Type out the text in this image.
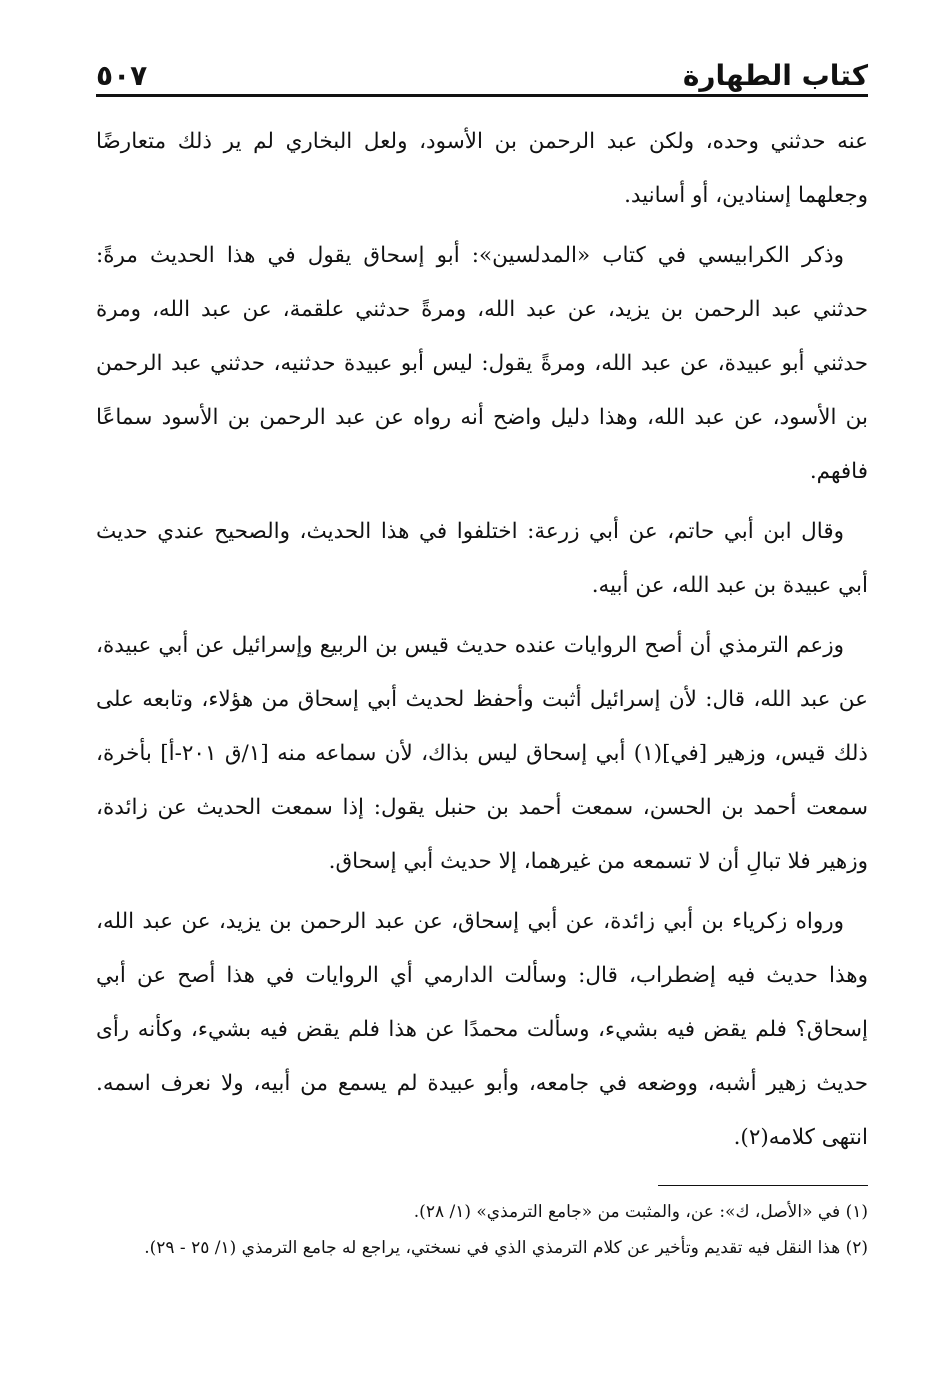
كتاب الطهارة
٥٠٧

عنه حدثني وحده، ولكن عبد الرحمن بن الأسود، ولعل البخاري لم ير ذلك متعارضًا وجعلهما إسنادين، أو أسانيد.

وذكر الكرابيسي في كتاب «المدلسين»: أبو إسحاق يقول في هذا الحديث مرةً: حدثني عبد الرحمن بن يزيد، عن عبد الله، ومرةً حدثني علقمة، عن عبد الله، ومرة حدثني أبو عبيدة، عن عبد الله، ومرةً يقول: ليس أبو عبيدة حدثنيه، حدثني عبد الرحمن بن الأسود، عن عبد الله، وهذا دليل واضح أنه رواه عن عبد الرحمن بن الأسود سماعًا فافهم.

وقال ابن أبي حاتم، عن أبي زرعة: اختلفوا في هذا الحديث، والصحيح عندي حديث أبي عبيدة بن عبد الله، عن أبيه.

وزعم الترمذي أن أصح الروايات عنده حديث قيس بن الربيع وإسرائيل عن أبي عبيدة، عن عبد الله، قال: لأن إسرائيل أثبت وأحفظ لحديث أبي إسحاق من هؤلاء، وتابعه على ذلك قيس، وزهير [في](١) أبي إسحاق ليس بذاك، لأن سماعه منه [١/ق ٢٠١-أ] بأخرة، سمعت أحمد بن الحسن، سمعت أحمد بن حنبل يقول: إذا سمعت الحديث عن زائدة، وزهير فلا تبالِ أن لا تسمعه من غيرهما، إلا حديث أبي إسحاق.

ورواه زكرياء بن أبي زائدة، عن أبي إسحاق، عن عبد الرحمن بن يزيد، عن عبد الله، وهذا حديث فيه إضطراب، قال: وسألت الدارمي أي الروايات في هذا أصح عن أبي إسحاق؟ فلم يقض فيه بشيء، وسألت محمدًا عن هذا فلم يقض فيه بشيء، وكأنه رأى حديث زهير أشبه، ووضعه في جامعه، وأبو عبيدة لم يسمع من أبيه، ولا نعرف اسمه. انتهى كلامه(٢).

(١) في «الأصل، ك»: عن، والمثبت من «جامع الترمذي» (١/ ٢٨).

(٢) هذا النقل فيه تقديم وتأخير عن كلام الترمذي الذي في نسختي، يراجع له جامع الترمذي (١/ ٢٥ - ٢٩).
